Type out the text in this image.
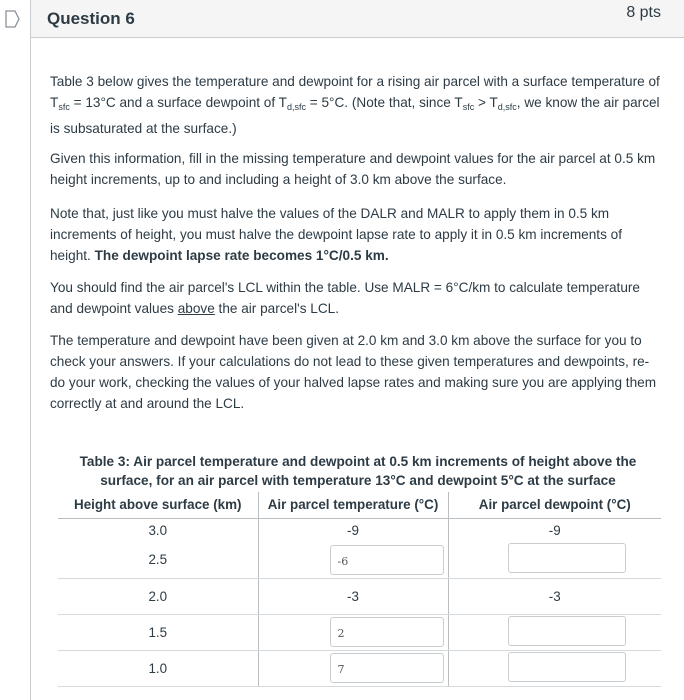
Question 6	8 pts

Table 3 below gives the temperature and dewpoint for a rising air parcel with a surface temperature of $T_{sfc} = 13^\circ C$ and a surface dewpoint of $T_{d,sfc} = 5^\circ C$. (Note that, since $T_{sfc} > T_{d,sfc}$, we know the air parcel is subsaturated at the surface.)

Given this information, fill in the missing temperature and dewpoint values for the air parcel at 0.5 km height increments, up to and including a height of 3.0 km above the surface.

Note that, just like you must halve the values of the DALR and MALR to apply them in 0.5 km increments of height, you must halve the dewpoint lapse rate to apply it in 0.5 km increments of height. The dewpoint lapse rate becomes 1°C/0.5 km.

You should find the air parcel's LCL within the table. Use MALR = 6°C/km to calculate temperature and dewpoint values above the air parcel's LCL.

The temperature and dewpoint have been given at 2.0 km and 3.0 km above the surface for you to check your answers. If your calculations do not lead to these given temperatures and dewpoints, re-do your work, checking the values of your halved lapse rates and making sure you are applying them correctly at and around the LCL.

Table 3: Air parcel temperature and dewpoint at 0.5 km increments of height above the surface, for an air parcel with temperature 13°C and dewpoint 5°C at the surface
Height above surface (km)	Air parcel temperature (°C)	Air parcel dewpoint (°C)
3.0	-9	-9
2.5	-6	
2.0	-3	-3
1.5	2	
1.0	7	
